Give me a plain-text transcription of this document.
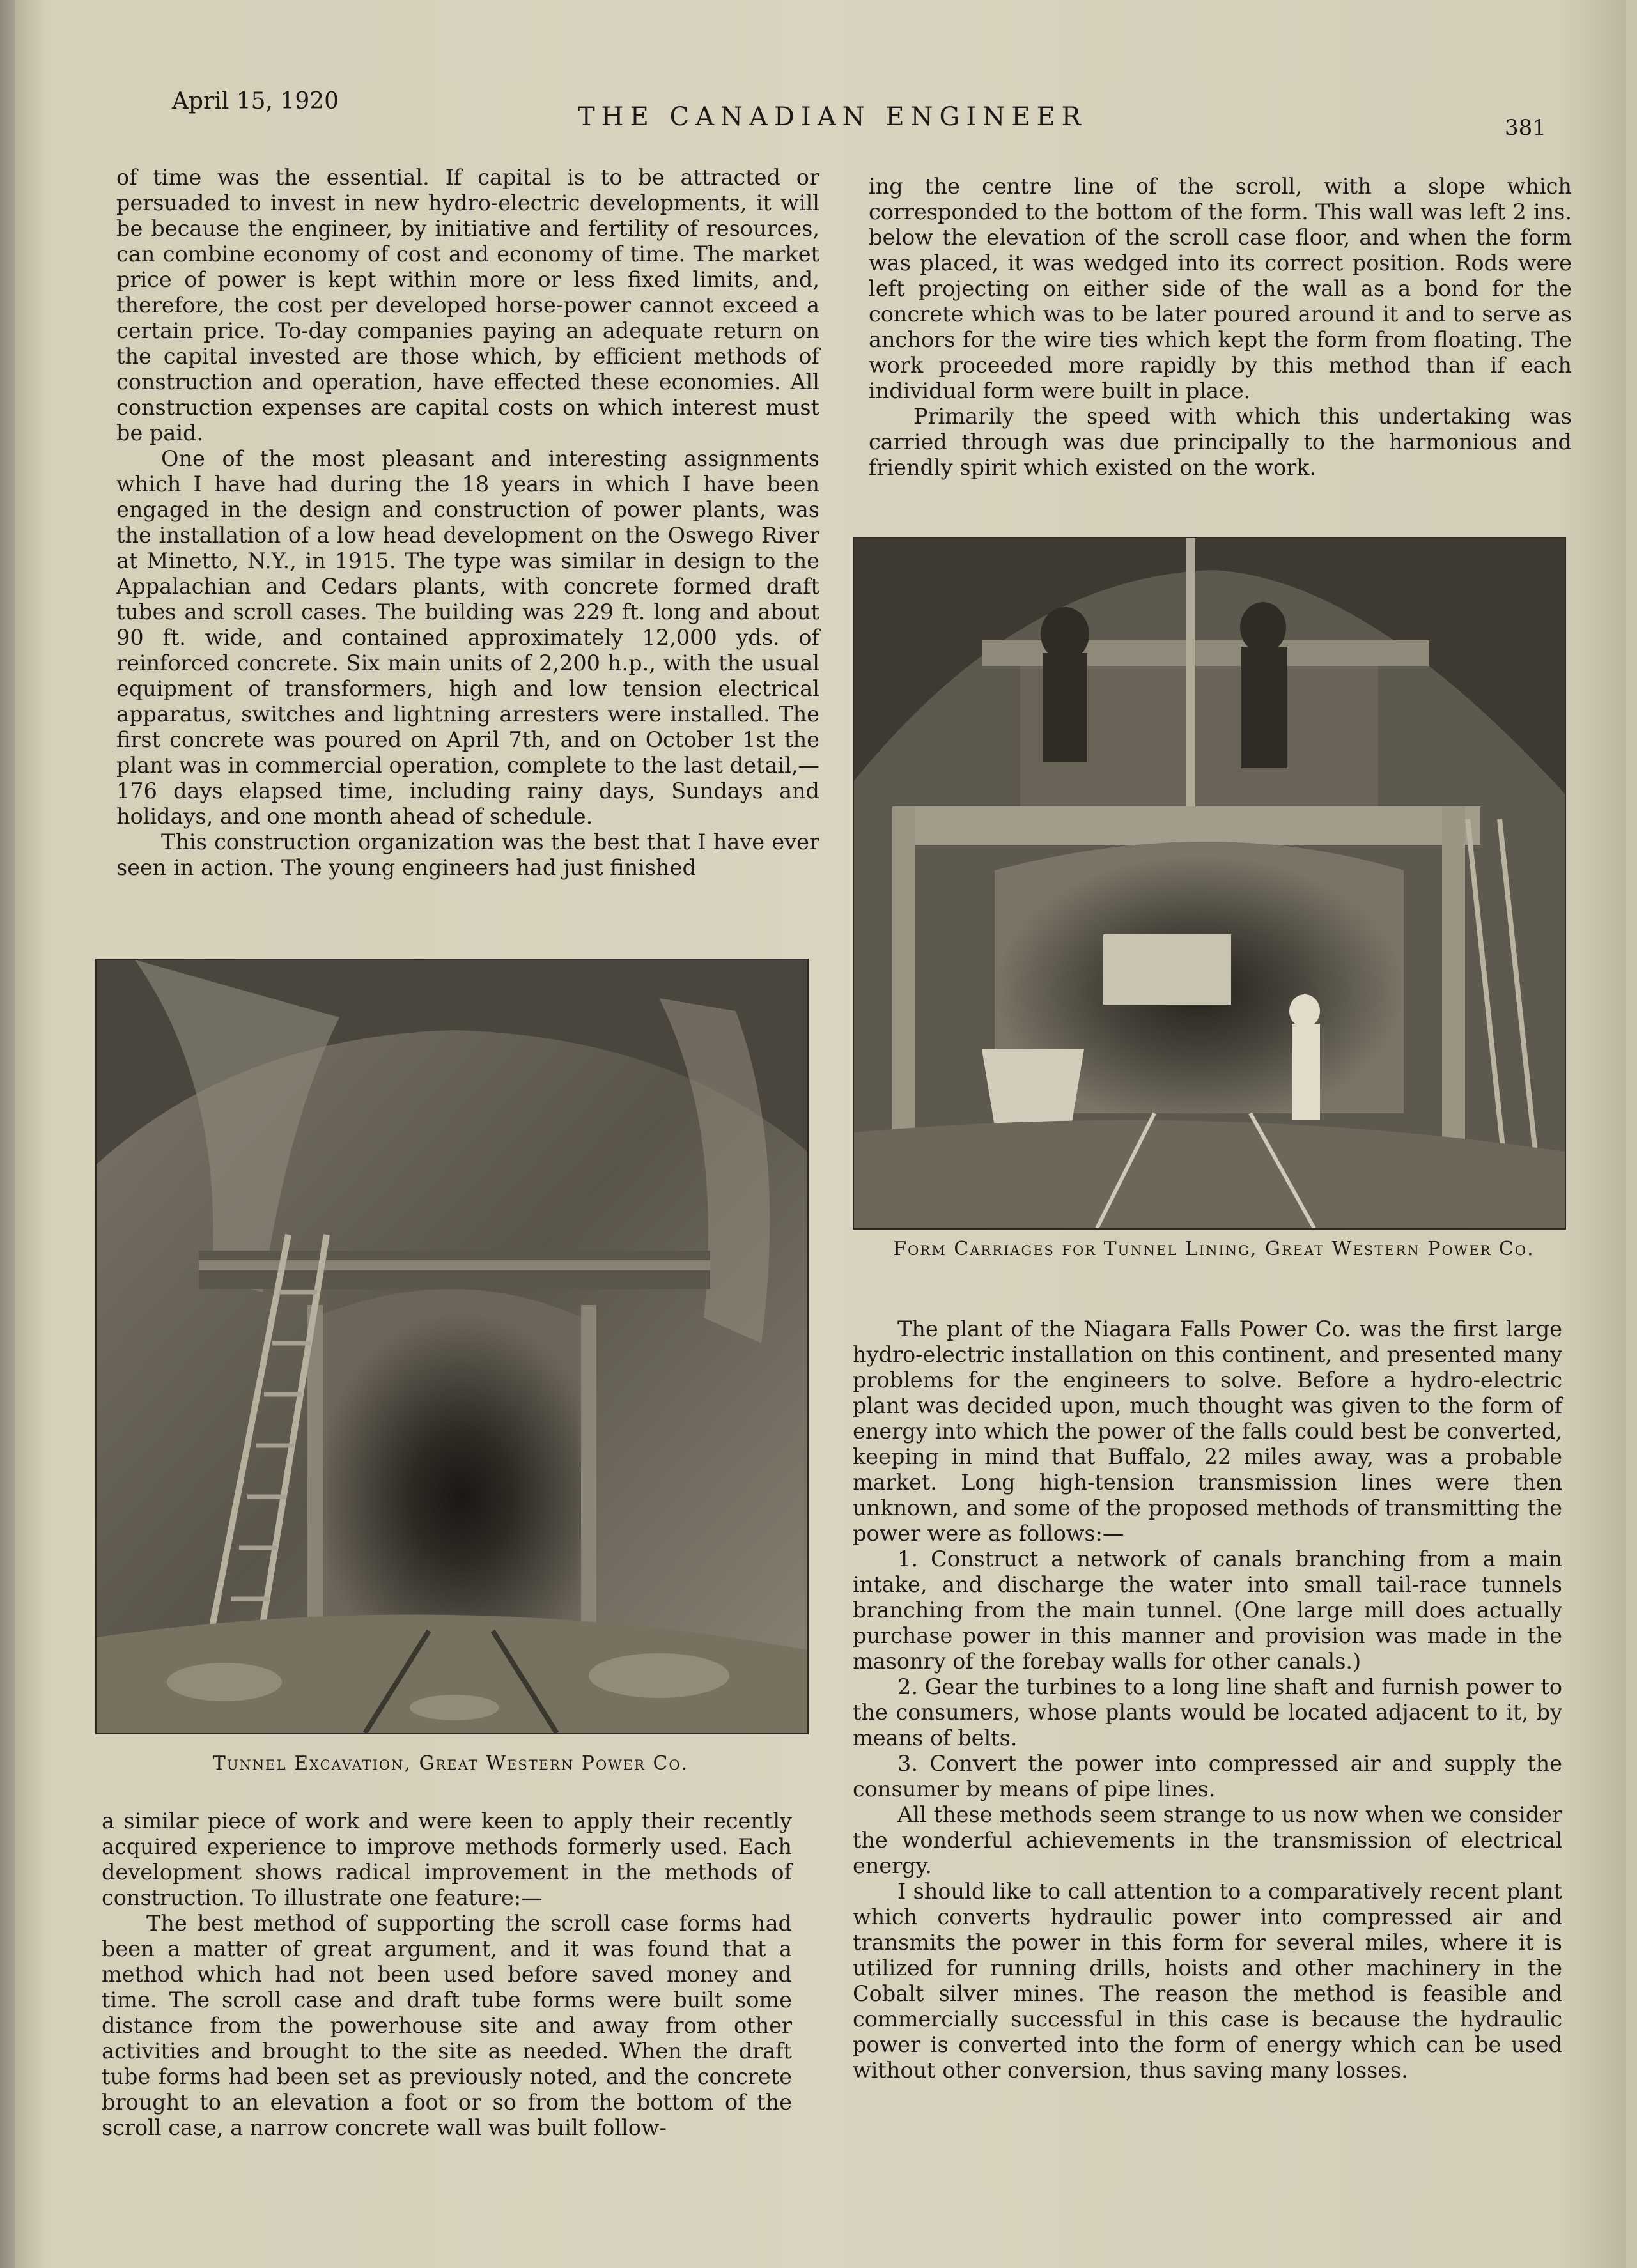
April 15, 1920
THE CANADIAN ENGINEER	381

of time was the essential. If capital is to be attracted or persuaded to invest in new hydro-electric developments, it will be because the engineer, by initiative and fertility of resources, can combine economy of cost and economy of time. The market price of power is kept within more or less fixed limits, and, therefore, the cost per developed horse-power cannot exceed a certain price. To-day companies paying an adequate return on the capital invested are those which, by efficient methods of construction and operation, have effected these economies. All construction expenses are capital costs on which interest must be paid.

One of the most pleasant and interesting assignments which I have had during the 18 years in which I have been engaged in the design and construction of power plants, was the installation of a low head development on the Oswego River at Minetto, N.Y., in 1915. The type was similar in design to the Appalachian and Cedars plants, with concrete formed draft tubes and scroll cases. The building was 229 ft. long and about 90 ft. wide, and contained approximately 12,000 yds. of reinforced concrete. Six main units of 2,200 h.p., with the usual equipment of transformers, high and low tension electrical apparatus, switches and lightning arresters were installed. The first concrete was poured on April 7th, and on October 1st the plant was in commercial operation, complete to the last detail,—176 days elapsed time, including rainy days, Sundays and holidays, and one month ahead of schedule.

This construction organization was the best that I have ever seen in action. The young engineers had just finished

Tunnel Excavation, Great Western Power Co.

a similar piece of work and were keen to apply their recently acquired experience to improve methods formerly used. Each development shows radical improvement in the methods of construction. To illustrate one feature:—

The best method of supporting the scroll case forms had been a matter of great argument, and it was found that a method which had not been used before saved money and time. The scroll case and draft tube forms were built some distance from the powerhouse site and away from other activities and brought to the site as needed. When the draft tube forms had been set as previously noted, and the concrete brought to an elevation a foot or so from the bottom of the scroll case, a narrow concrete wall was built follow-

ing the centre line of the scroll, with a slope which corresponded to the bottom of the form. This wall was left 2 ins. below the elevation of the scroll case floor, and when the form was placed, it was wedged into its correct position. Rods were left projecting on either side of the wall as a bond for the concrete which was to be later poured around it and to serve as anchors for the wire ties which kept the form from floating. The work proceeded more rapidly by this method than if each individual form were built in place.

Primarily the speed with which this undertaking was carried through was due principally to the harmonious and friendly spirit which existed on the work.

Form Carriages for Tunnel Lining, Great Western Power Co.

The plant of the Niagara Falls Power Co. was the first large hydro-electric installation on this continent, and presented many problems for the engineers to solve. Before a hydro-electric plant was decided upon, much thought was given to the form of energy into which the power of the falls could best be converted, keeping in mind that Buffalo, 22 miles away, was a probable market. Long high-tension transmission lines were then unknown, and some of the proposed methods of transmitting the power were as follows:—

1. Construct a network of canals branching from a main intake, and discharge the water into small tail-race tunnels branching from the main tunnel. (One large mill does actually purchase power in this manner and provision was made in the masonry of the forebay walls for other canals.)

2. Gear the turbines to a long line shaft and furnish power to the consumers, whose plants would be located adjacent to it, by means of belts.

3. Convert the power into compressed air and supply the consumer by means of pipe lines.

All these methods seem strange to us now when we consider the wonderful achievements in the transmission of electrical energy.

I should like to call attention to a comparatively recent plant which converts hydraulic power into compressed air and transmits the power in this form for several miles, where it is utilized for running drills, hoists and other machinery in the Cobalt silver mines. The reason the method is feasible and commercially successful in this case is because the hydraulic power is converted into the form of energy which can be used without other conversion, thus saving many losses.
